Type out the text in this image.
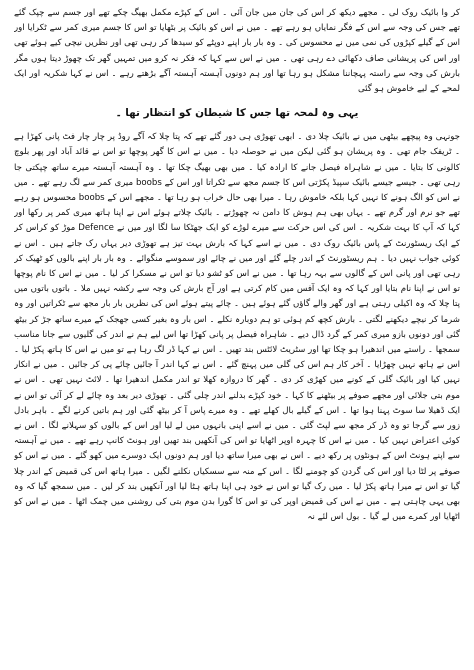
کر وا بائیک روک لی ۔ مجھے دیکھ کر اس کی جان میں جان آئی ۔ اس کے کپڑے مکمل بھیگ چکے تھے اور جسم سے چپک گئے تھے جس کی وجہ سے اس کے فگر نمایاں ہو رہے تھے ۔ میں نے اس کو بائیک پر بٹھایا تو اس کا جسم میری کمر سے ٹکرایا اور اس کے گیلے کپڑوں کی نمی میں نے محسوس کی ۔ وہ بار بار اپنے دوپٹے کو سیدھا کر رہی تھی اور نظریں نیچی کیے ہوئے تھی اور اس کی پریشانی صاف دکھائی دے رہی تھی ۔ میں نے اس سے کہا کہ فکر نہ کرو میں تمہیں گھر تک چھوڑ دیتا ہوں مگر بارش کی وجہ سے راستہ پہچاننا مشکل ہو رہا تھا اور ہم دونوں آہستہ آہستہ آگے بڑھتے رہے ۔ اس نے کہا شکریہ اور ایک لمحے کے لیے خاموش ہو گئی

یہی وہ لمحہ تھا جس کا شیطان کو انتظار تھا ۔

جونہی وہ پیچھے بیٹھی میں نے بائیک چلا دی ۔ ابھی تھوڑی ہی دور گئے تھے کہ پتا چلا کہ آگے روڈ پر چار چار فٹ پانی کھڑا ہے ۔ ٹریفک جام تھی ۔ وہ پریشان ہو گئی لیکن میں نے حوصلہ دیا ۔ میں نے اس کا گھر پوچھا تو اس نے قائد آباد اور پھر بلوچ کالونی کا بتایا ۔ میں نے شاہراہ فیصل جانے کا ارادہ کیا ۔ میں بھی بھیگ چکا تھا ۔ وہ آہستہ آہستہ میرے ساتھ چپکتی جا رہی تھی ۔ جیسے جیسے بائیک سپیڈ پکڑتی اس کا جسم مجھ سے ٹکراتا اور اس کے boobs میری کمر سے لگ رہے تھے ۔ میں نے اس کو الگ ہونے کا نہیں کہا بلکہ خاموش رہا ۔ میرا بھی حال خراب ہو رہا تھا ۔ مجھے اس کے boobs محسوس ہو رہے تھے جو نرم اور گرم تھے ۔ یہاں بھی ہم ہوش کا دامن نہ چھوڑتے ۔ بائیک چلاتے ہوئے اس نے اپنا ہاتھ میری کمر پر رکھا اور کہا کہ آپ کا بہت شکریہ ۔ اس کی اس حرکت سے میرے لوڑے کو ایک جھٹکا سا لگا اور میں نے Defence موڑ کو کراس کر کے ایک ریسٹورنٹ کے پاس بائیک روک دی ۔ میں نے اسے کہا کہ بارش بہت تیز ہے تھوڑی دیر یہاں رک جاتے ہیں ۔ اس نے کوئی جواب نہیں دیا ۔ ہم ریسٹورنٹ کے اندر چلے گئے اور میں نے چائے اور سموسے منگوائے ۔ وہ بار بار اپنے بالوں کو ٹھیک کر رہی تھی اور پانی اس کے گالوں سے بہہ رہا تھا ۔ میں نے اس کو ٹشو دیا تو اس نے مسکرا کر لیا ۔ میں نے اس کا نام پوچھا تو اس نے اپنا نام بتایا اور کہا کہ وہ ایک آفس میں کام کرتی ہے اور آج بارش کی وجہ سے رکشہ نہیں ملا ۔ باتوں باتوں میں پتا چلا کہ وہ اکیلی رہتی ہے اور گھر والے گاؤں گئے ہوئے ہیں ۔ چائے پیتے ہوئے اس کی نظریں بار بار مجھ سے ٹکراتیں اور وہ شرما کر نیچے دیکھنے لگتی ۔ بارش کچھ کم ہوئی تو ہم دوبارہ نکلے ۔ اس بار وہ بغیر کسی جھجک کے میرے ساتھ جڑ کر بیٹھ گئی اور دونوں بازو میری کمر کے گرد ڈال دیے ۔ شاہراہ فیصل پر پانی کھڑا تھا اس لیے ہم نے اندر کی گلیوں سے جانا مناسب سمجھا ۔ راستے میں اندھیرا ہو چکا تھا اور سٹریٹ لائٹس بند تھیں ۔ اس نے کہا ڈر لگ رہا ہے تو میں نے اس کا ہاتھ پکڑ لیا ۔ اس نے ہاتھ نہیں چھڑایا ۔ آخر کار ہم اس کی گلی میں پہنچ گئے ۔ اس نے کہا اندر آ جائیں چائے پی کر جائیں ۔ میں نے انکار نہیں کیا اور بائیک گلی کے کونے میں کھڑی کر دی ۔ گھر کا دروازہ کھلا تو اندر مکمل اندھیرا تھا ۔ لائٹ نہیں تھی ۔ اس نے موم بتی جلائی اور مجھے صوفے پر بیٹھنے کا کہا ۔ خود کپڑے بدلنے اندر چلی گئی ۔ تھوڑی دیر بعد وہ چائے لے کر آئی تو اس نے ایک ڈھیلا سا سوٹ پہنا ہوا تھا ۔ اس کے گیلے بال کھلے تھے ۔ وہ میرے پاس آ کر بیٹھ گئی اور ہم باتیں کرنے لگے ۔ باہر بادل زور سے گرجا تو وہ ڈر کر مجھ سے لپٹ گئی ۔ میں نے اسے اپنی بانہوں میں لے لیا اور اس کے بالوں کو سہلانے لگا ۔ اس نے کوئی اعتراض نہیں کیا ۔ میں نے اس کا چہرہ اوپر اٹھایا تو اس کی آنکھیں بند تھیں اور ہونٹ کانپ رہے تھے ۔ میں نے آہستہ سے اپنے ہونٹ اس کے ہونٹوں پر رکھ دیے ۔ اس نے بھی میرا ساتھ دیا اور ہم دونوں ایک دوسرے میں کھو گئے ۔ میں نے اس کو صوفے پر لٹا دیا اور اس کی گردن کو چومنے لگا ۔ اس کے منہ سے سسکیاں نکلنے لگیں ۔ میرا ہاتھ اس کی قمیض کے اندر چلا گیا تو اس نے میرا ہاتھ پکڑ لیا ۔ میں رک گیا تو اس نے خود ہی اپنا ہاتھ ہٹا لیا اور آنکھیں بند کر لیں ۔ میں سمجھ گیا کہ وہ بھی یہی چاہتی ہے ۔ میں نے اس کی قمیض اوپر کی تو اس کا گورا بدن موم بتی کی روشنی میں چمک اٹھا ۔ میں نے اس کو اٹھایا اور کمرے میں لے گیا ۔ بول اس لئے نہ
